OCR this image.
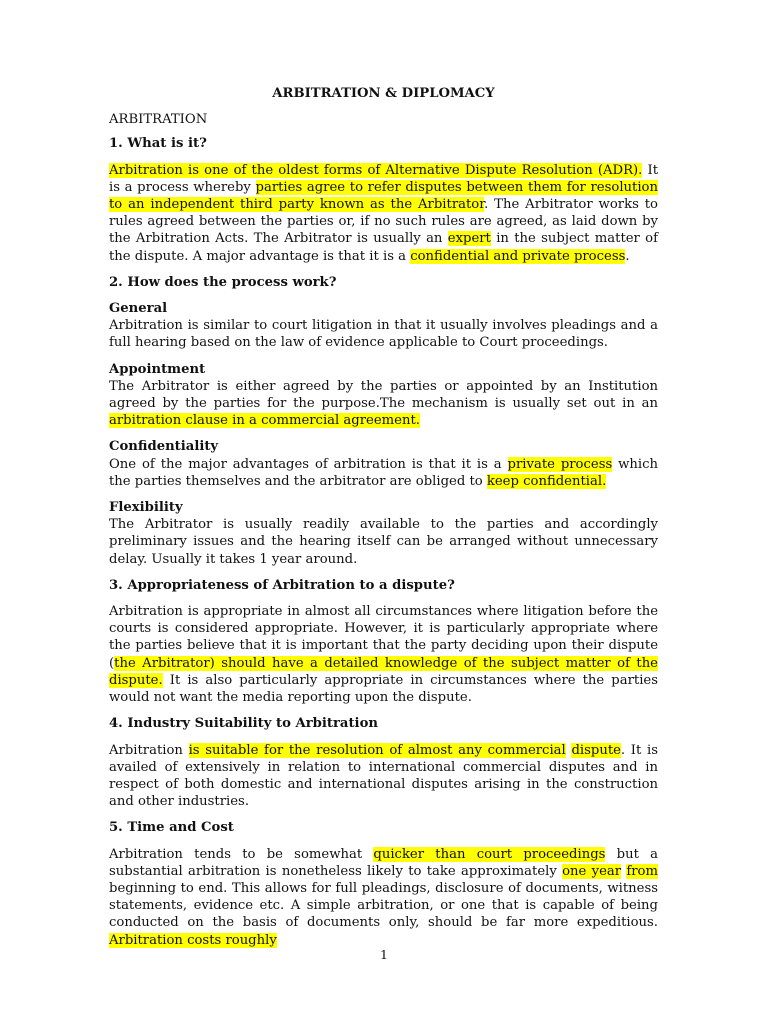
ARBITRATION & DIPLOMACY
ARBITRATION
1. What is it?

Arbitration is one of the oldest forms of Alternative Dispute Resolution (ADR). It is a process whereby parties agree to refer disputes between them for resolution to an independent third party known as the Arbitrator. The Arbitrator works to rules agreed between the parties or, if no such rules are agreed, as laid down by the Arbitration Acts. The Arbitrator is usually an expert in the subject matter of the dispute. A major advantage is that it is a confidential and private process.

2. How does the process work?
General

Arbitration is similar to court litigation in that it usually involves pleadings and a full hearing based on the law of evidence applicable to Court proceedings.

Appointment

The Arbitrator is either agreed by the parties or appointed by an Institution agreed by the parties for the purpose.The mechanism is usually set out in an arbitration clause in a commercial agreement.

Confidentiality

One of the major advantages of arbitration is that it is a private process which the parties themselves and the arbitrator are obliged to keep confidential.

Flexibility

The Arbitrator is usually readily available to the parties and accordingly preliminary issues and the hearing itself can be arranged without unnecessary delay. Usually it takes 1 year around.

3. Appropriateness of Arbitration to a dispute?

Arbitration is appropriate in almost all circumstances where litigation before the courts is considered appropriate. However, it is particularly appropriate where the parties believe that it is important that the party deciding upon their dispute (the Arbitrator) should have a detailed knowledge of the subject matter of the dispute. It is also particularly appropriate in circumstances where the parties would not want the media reporting upon the dispute.

4. Industry Suitability to Arbitration

Arbitration is suitable for the resolution of almost any commercial dispute. It is availed of extensively in relation to international commercial disputes and in respect of both domestic and international disputes arising in the construction and other industries.

5. Time and Cost

Arbitration tends to be somewhat quicker than court proceedings but a substantial arbitration is nonetheless likely to take approximately one year from beginning to end. This allows for full pleadings, disclosure of documents, witness statements, evidence etc. A simple arbitration, or one that is capable of being conducted on the basis of documents only, should be far more expeditious. Arbitration costs roughly

1
